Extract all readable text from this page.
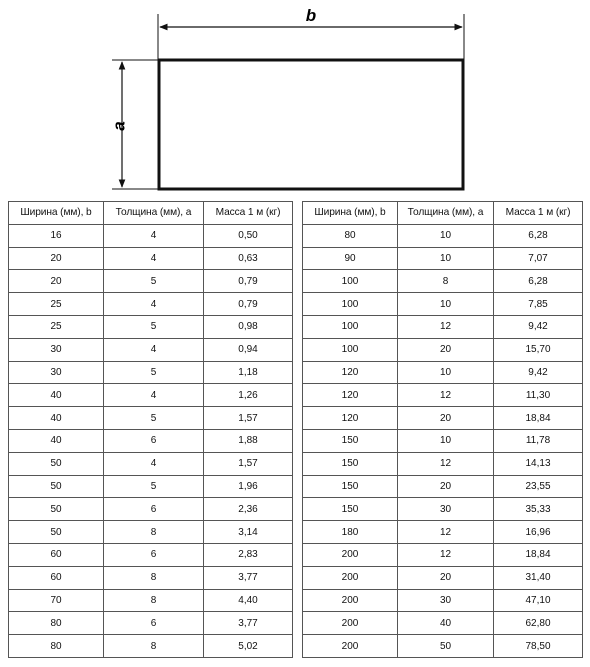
b
a
Ширина (мм), b	Толщина (мм), a	Масса 1 м (кг)
16	4	0,50
20	4	0,63
20	5	0,79
25	4	0,79
25	5	0,98
30	4	0,94
30	5	1,18
40	4	1,26
40	5	1,57
40	6	1,88
50	4	1,57
50	5	1,96
50	6	2,36
50	8	3,14
60	6	2,83
60	8	3,77
70	8	4,40
80	6	3,77
80	8	5,02
Ширина (мм), b	Толщина (мм), a	Масса 1 м (кг)
80	10	6,28
90	10	7,07
100	8	6,28
100	10	7,85
100	12	9,42
100	20	15,70
120	10	9,42
120	12	11,30
120	20	18,84
150	10	11,78
150	12	14,13
150	20	23,55
150	30	35,33
180	12	16,96
200	12	18,84
200	20	31,40
200	30	47,10
200	40	62,80
200	50	78,50
